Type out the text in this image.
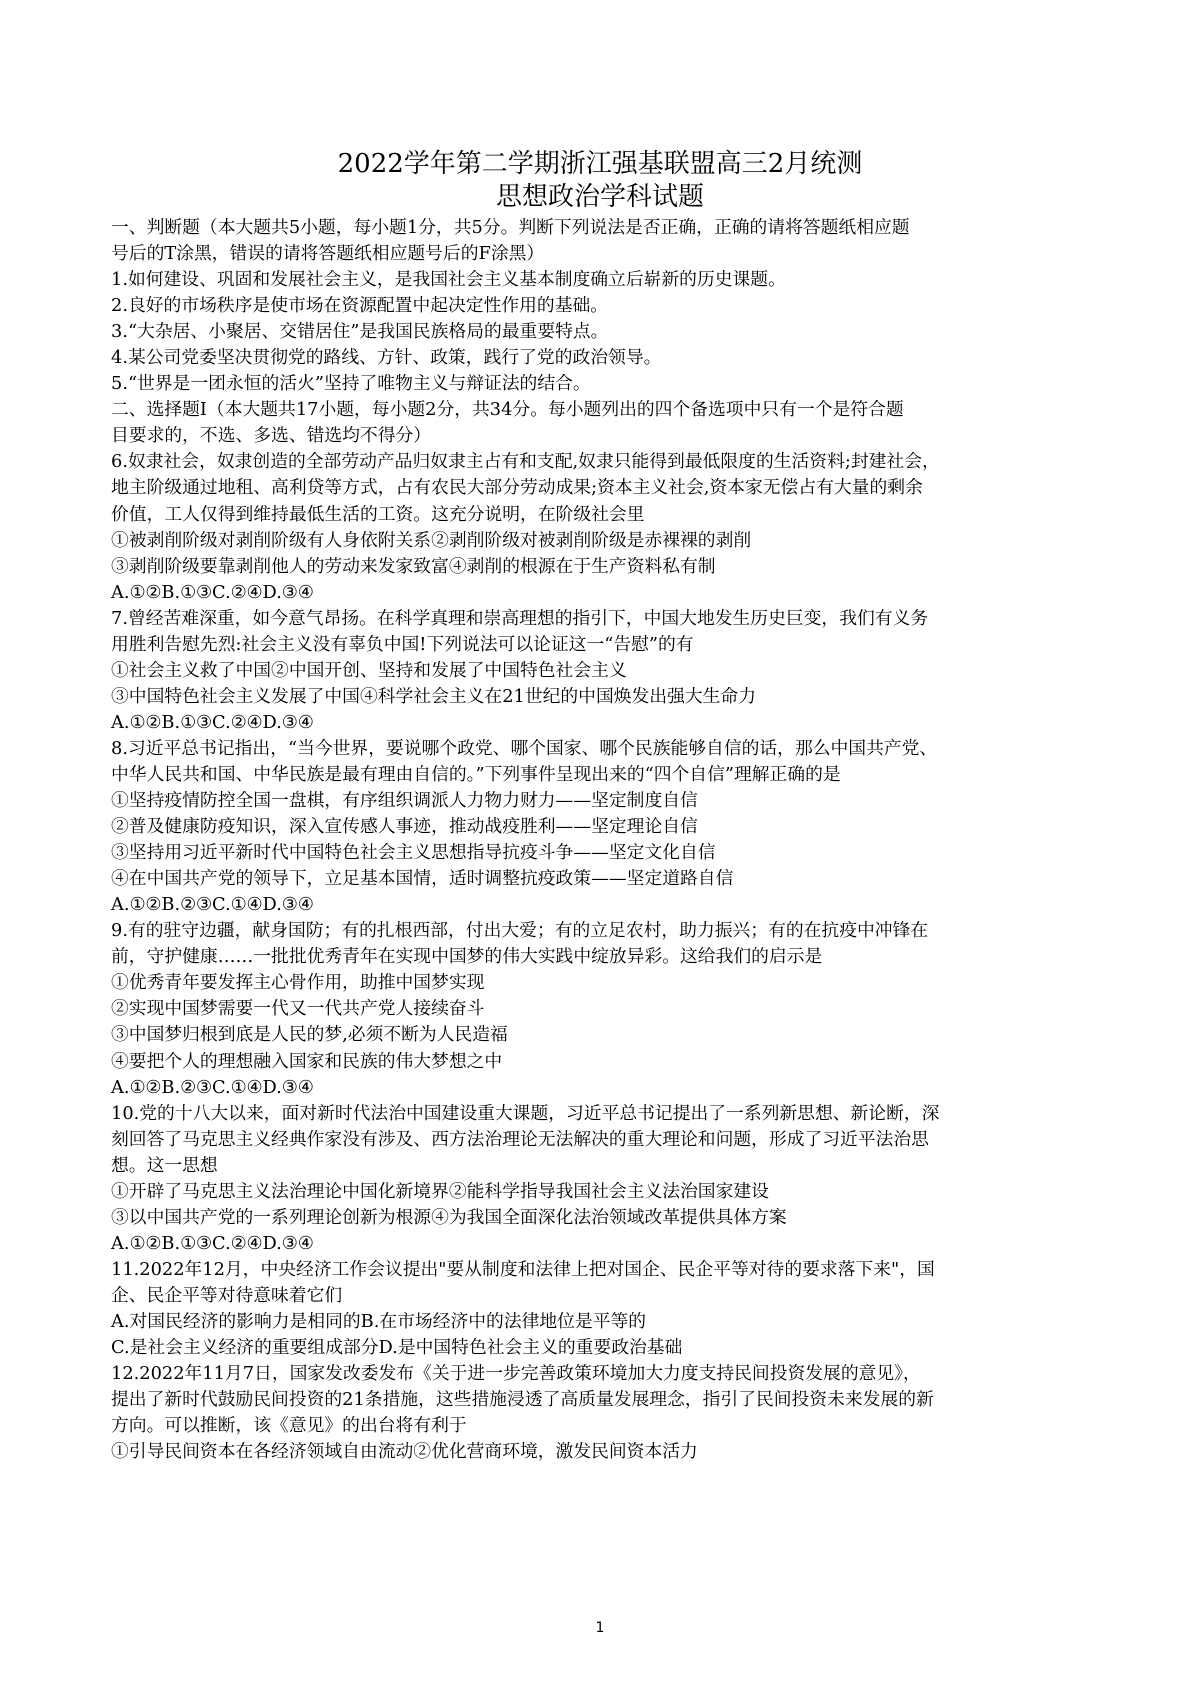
2022学年第二学期浙江强基联盟高三2月统测
思想政治学科试题
一、判断题（本大题共5小题，每小题1分，共5分。判断下列说法是否正确，正确的请将答题纸相应题
号后的T涂黑，错误的请将答题纸相应题号后的F涂黑）
1.如何建设、巩固和发展社会主义，是我国社会主义基本制度确立后崭新的历史课题。
2.良好的市场秩序是使市场在资源配置中起决定性作用的基础。
3.“大杂居、小聚居、交错居住”是我国民族格局的最重要特点。
4.某公司党委坚决贯彻党的路线、方针、政策，践行了党的政治领导。
5.“世界是一团永恒的活火”坚持了唯物主义与辩证法的结合。
二、选择题Ⅰ（本大题共17小题，每小题2分，共34分。每小题列出的四个备选项中只有一个是符合题
目要求的，不选、多选、错选均不得分）
6.奴隶社会，奴隶创造的全部劳动产品归奴隶主占有和支配,奴隶只能得到最低限度的生活资料;封建社会，
地主阶级通过地租、高利贷等方式，占有农民大部分劳动成果;资本主义社会,资本家无偿占有大量的剩余
价值，工人仅得到维持最低生活的工资。这充分说明，在阶级社会里
①被剥削阶级对剥削阶级有人身依附关系②剥削阶级对被剥削阶级是赤裸裸的剥削
③剥削阶级要靠剥削他人的劳动来发家致富④剥削的根源在于生产资料私有制
A.①②B.①③C.②④D.③④
7.曾经苦难深重，如今意气昂扬。在科学真理和崇高理想的指引下，中国大地发生历史巨变，我们有义务
用胜利告慰先烈:社会主义没有辜负中国!下列说法可以论证这一“告慰”的有
①社会主义救了中国②中国开创、坚持和发展了中国特色社会主义
③中国特色社会主义发展了中国④科学社会主义在21世纪的中国焕发出强大生命力
A.①②B.①③C.②④D.③④
8.习近平总书记指出，“当今世界，要说哪个政党、哪个国家、哪个民族能够自信的话，那么中国共产党、
中华人民共和国、中华民族是最有理由自信的。”下列事件呈现出来的“四个自信”理解正确的是
①坚持疫情防控全国一盘棋，有序组织调派人力物力财力——坚定制度自信
②普及健康防疫知识，深入宣传感人事迹，推动战疫胜利——坚定理论自信
③坚持用习近平新时代中国特色社会主义思想指导抗疫斗争——坚定文化自信
④在中国共产党的领导下，立足基本国情，适时调整抗疫政策——坚定道路自信
A.①②B.②③C.①④D.③④
9.有的驻守边疆，献身国防；有的扎根西部，付出大爱；有的立足农村，助力振兴；有的在抗疫中冲锋在
前，守护健康……一批批优秀青年在实现中国梦的伟大实践中绽放异彩。这给我们的启示是
①优秀青年要发挥主心骨作用，助推中国梦实现
②实现中国梦需要一代又一代共产党人接续奋斗
③中国梦归根到底是人民的梦,必须不断为人民造福
④要把个人的理想融入国家和民族的伟大梦想之中
A.①②B.②③C.①④D.③④
10.党的十八大以来，面对新时代法治中国建设重大课题，习近平总书记提出了一系列新思想、新论断，深
刻回答了马克思主义经典作家没有涉及、西方法治理论无法解决的重大理论和问题，形成了习近平法治思
想。这一思想
①开辟了马克思主义法治理论中国化新境界②能科学指导我国社会主义法治国家建设
③以中国共产党的一系列理论创新为根源④为我国全面深化法治领域改革提供具体方案
A.①②B.①③C.②④D.③④
11.2022年12月，中央经济工作会议提出"要从制度和法律上把对国企、民企平等对待的要求落下来"，国
企、民企平等对待意味着它们
A.对国民经济的影响力是相同的B.在市场经济中的法律地位是平等的
C.是社会主义经济的重要组成部分D.是中国特色社会主义的重要政治基础
12.2022年11月7日，国家发改委发布《关于进一步完善政策环境加大力度支持民间投资发展的意见》，
提出了新时代鼓励民间投资的21条措施，这些措施浸透了高质量发展理念，指引了民间投资未来发展的新
方向。可以推断，该《意见》的出台将有利于
①引导民间资本在各经济领域自由流动②优化营商环境，激发民间资本活力
1
